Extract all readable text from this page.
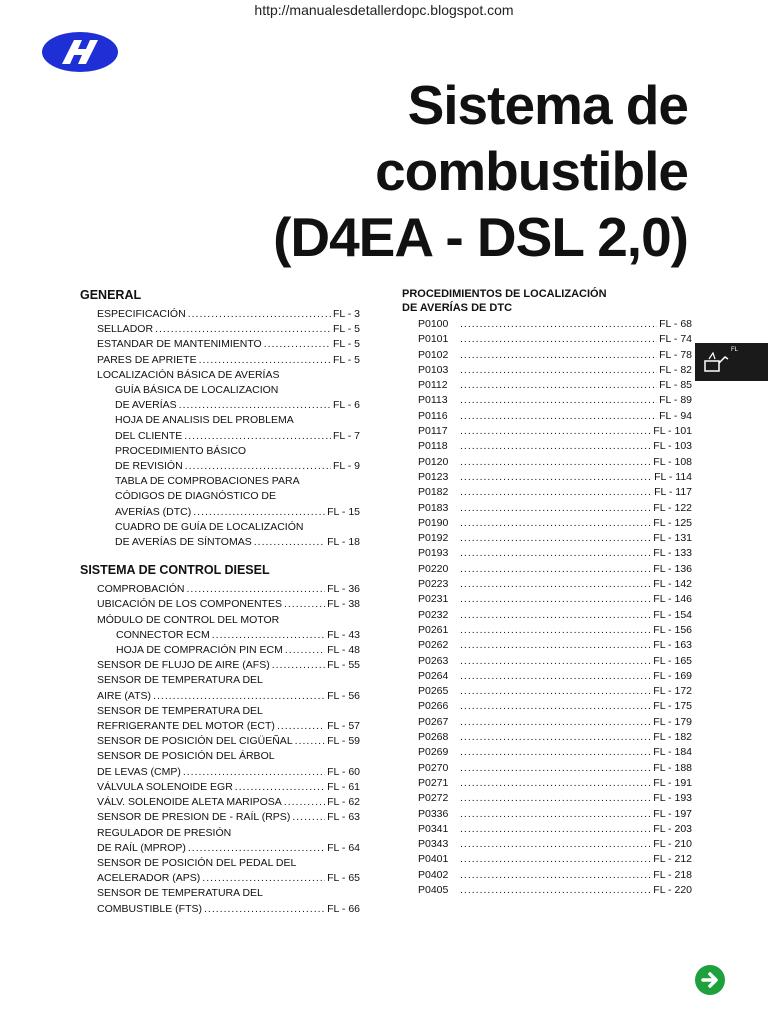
http://manualesdetallerdopc.blogspot.com
Sistema de
combustible
(D4EA - DSL 2,0)
GENERAL
ESPECIFICACIÓN .....	FL - 3
SELLADOR .....	FL - 5
ESTANDAR DE MANTENIMIENTO .....	FL - 5
PARES DE APRIETE .....	FL - 5
LOCALIZACIÓN BÁSICA DE AVERÍAS
GUÍA BÁSICA DE LOCALIZACION
DE AVERÍAS .....	FL - 6
HOJA DE ANALISIS DEL PROBLEMA
DEL CLIENTE .....	FL - 7
PROCEDIMIENTO BÁSICO
DE REVISIÓN .....	FL - 9
TABLA DE COMPROBACIONES PARA
CÓDIGOS DE DIAGNÓSTICO DE
AVERÍAS (DTC) .....	FL - 15
CUADRO DE GUÍA DE LOCALIZACIÓN
DE AVERÍAS DE SÍNTOMAS .....	FL - 18
SISTEMA DE CONTROL DIESEL
COMPROBACIÓN .....	FL - 36
UBICACIÓN DE LOS COMPONENTES .....	FL - 38
MÓDULO DE CONTROL DEL MOTOR
CONNECTOR ECM .....	FL - 43
HOJA DE COMPRACIÓN PIN ECM .....	FL - 48
SENSOR DE FLUJO DE AIRE (AFS) .....	FL - 55
SENSOR DE TEMPERATURA DEL
AIRE (ATS) .....	FL - 56
SENSOR DE TEMPERATURA DEL
REFRIGERANTE DEL MOTOR (ECT) .....	FL - 57
SENSOR DE POSICIÓN DEL CIGÜEÑAL .....	FL - 59
SENSOR DE POSICIÓN DEL ÁRBOL
DE LEVAS (CMP) .....	FL - 60
VÁLVULA SOLENOIDE EGR .....	FL - 61
VÁLV. SOLENOIDE ALETA MARIPOSA .....	FL - 62
SENSOR DE PRESION DE - RAÍL (RPS) .....	FL - 63
REGULADOR DE PRESIÓN
DE RAÍL (MPROP) .....	FL - 64
SENSOR DE POSICIÓN DEL PEDAL DEL
ACELERADOR (APS) .....	FL - 65
SENSOR DE TEMPERATURA DEL
COMBUSTIBLE (FTS) .....	FL - 66
PROCEDIMIENTOS DE LOCALIZACIÓN
DE AVERÍAS DE DTC
P0100 .....	FL - 68
P0101 .....	FL - 74
P0102 .....	FL - 78
P0103 .....	FL - 82
P0112 .....	FL - 85
P0113 .....	FL - 89
P0116 .....	FL - 94
P0117 .....	FL - 101
P0118 .....	FL - 103
P0120 .....	FL - 108
P0123 .....	FL - 114
P0182 .....	FL - 117
P0183 .....	FL - 122
P0190 .....	FL - 125
P0192 .....	FL - 131
P0193 .....	FL - 133
P0220 .....	FL - 136
P0223 .....	FL - 142
P0231 .....	FL - 146
P0232 .....	FL - 154
P0261 .....	FL - 156
P0262 .....	FL - 163
P0263 .....	FL - 165
P0264 .....	FL - 169
P0265 .....	FL - 172
P0266 .....	FL - 175
P0267 .....	FL - 179
P0268 .....	FL - 182
P0269 .....	FL - 184
P0270 .....	FL - 188
P0271 .....	FL - 191
P0272 .....	FL - 193
P0336 .....	FL - 197
P0341 .....	FL - 203
P0343 .....	FL - 210
P0401 .....	FL - 212
P0402 .....	FL - 218
P0405 .....	FL - 220
FL
